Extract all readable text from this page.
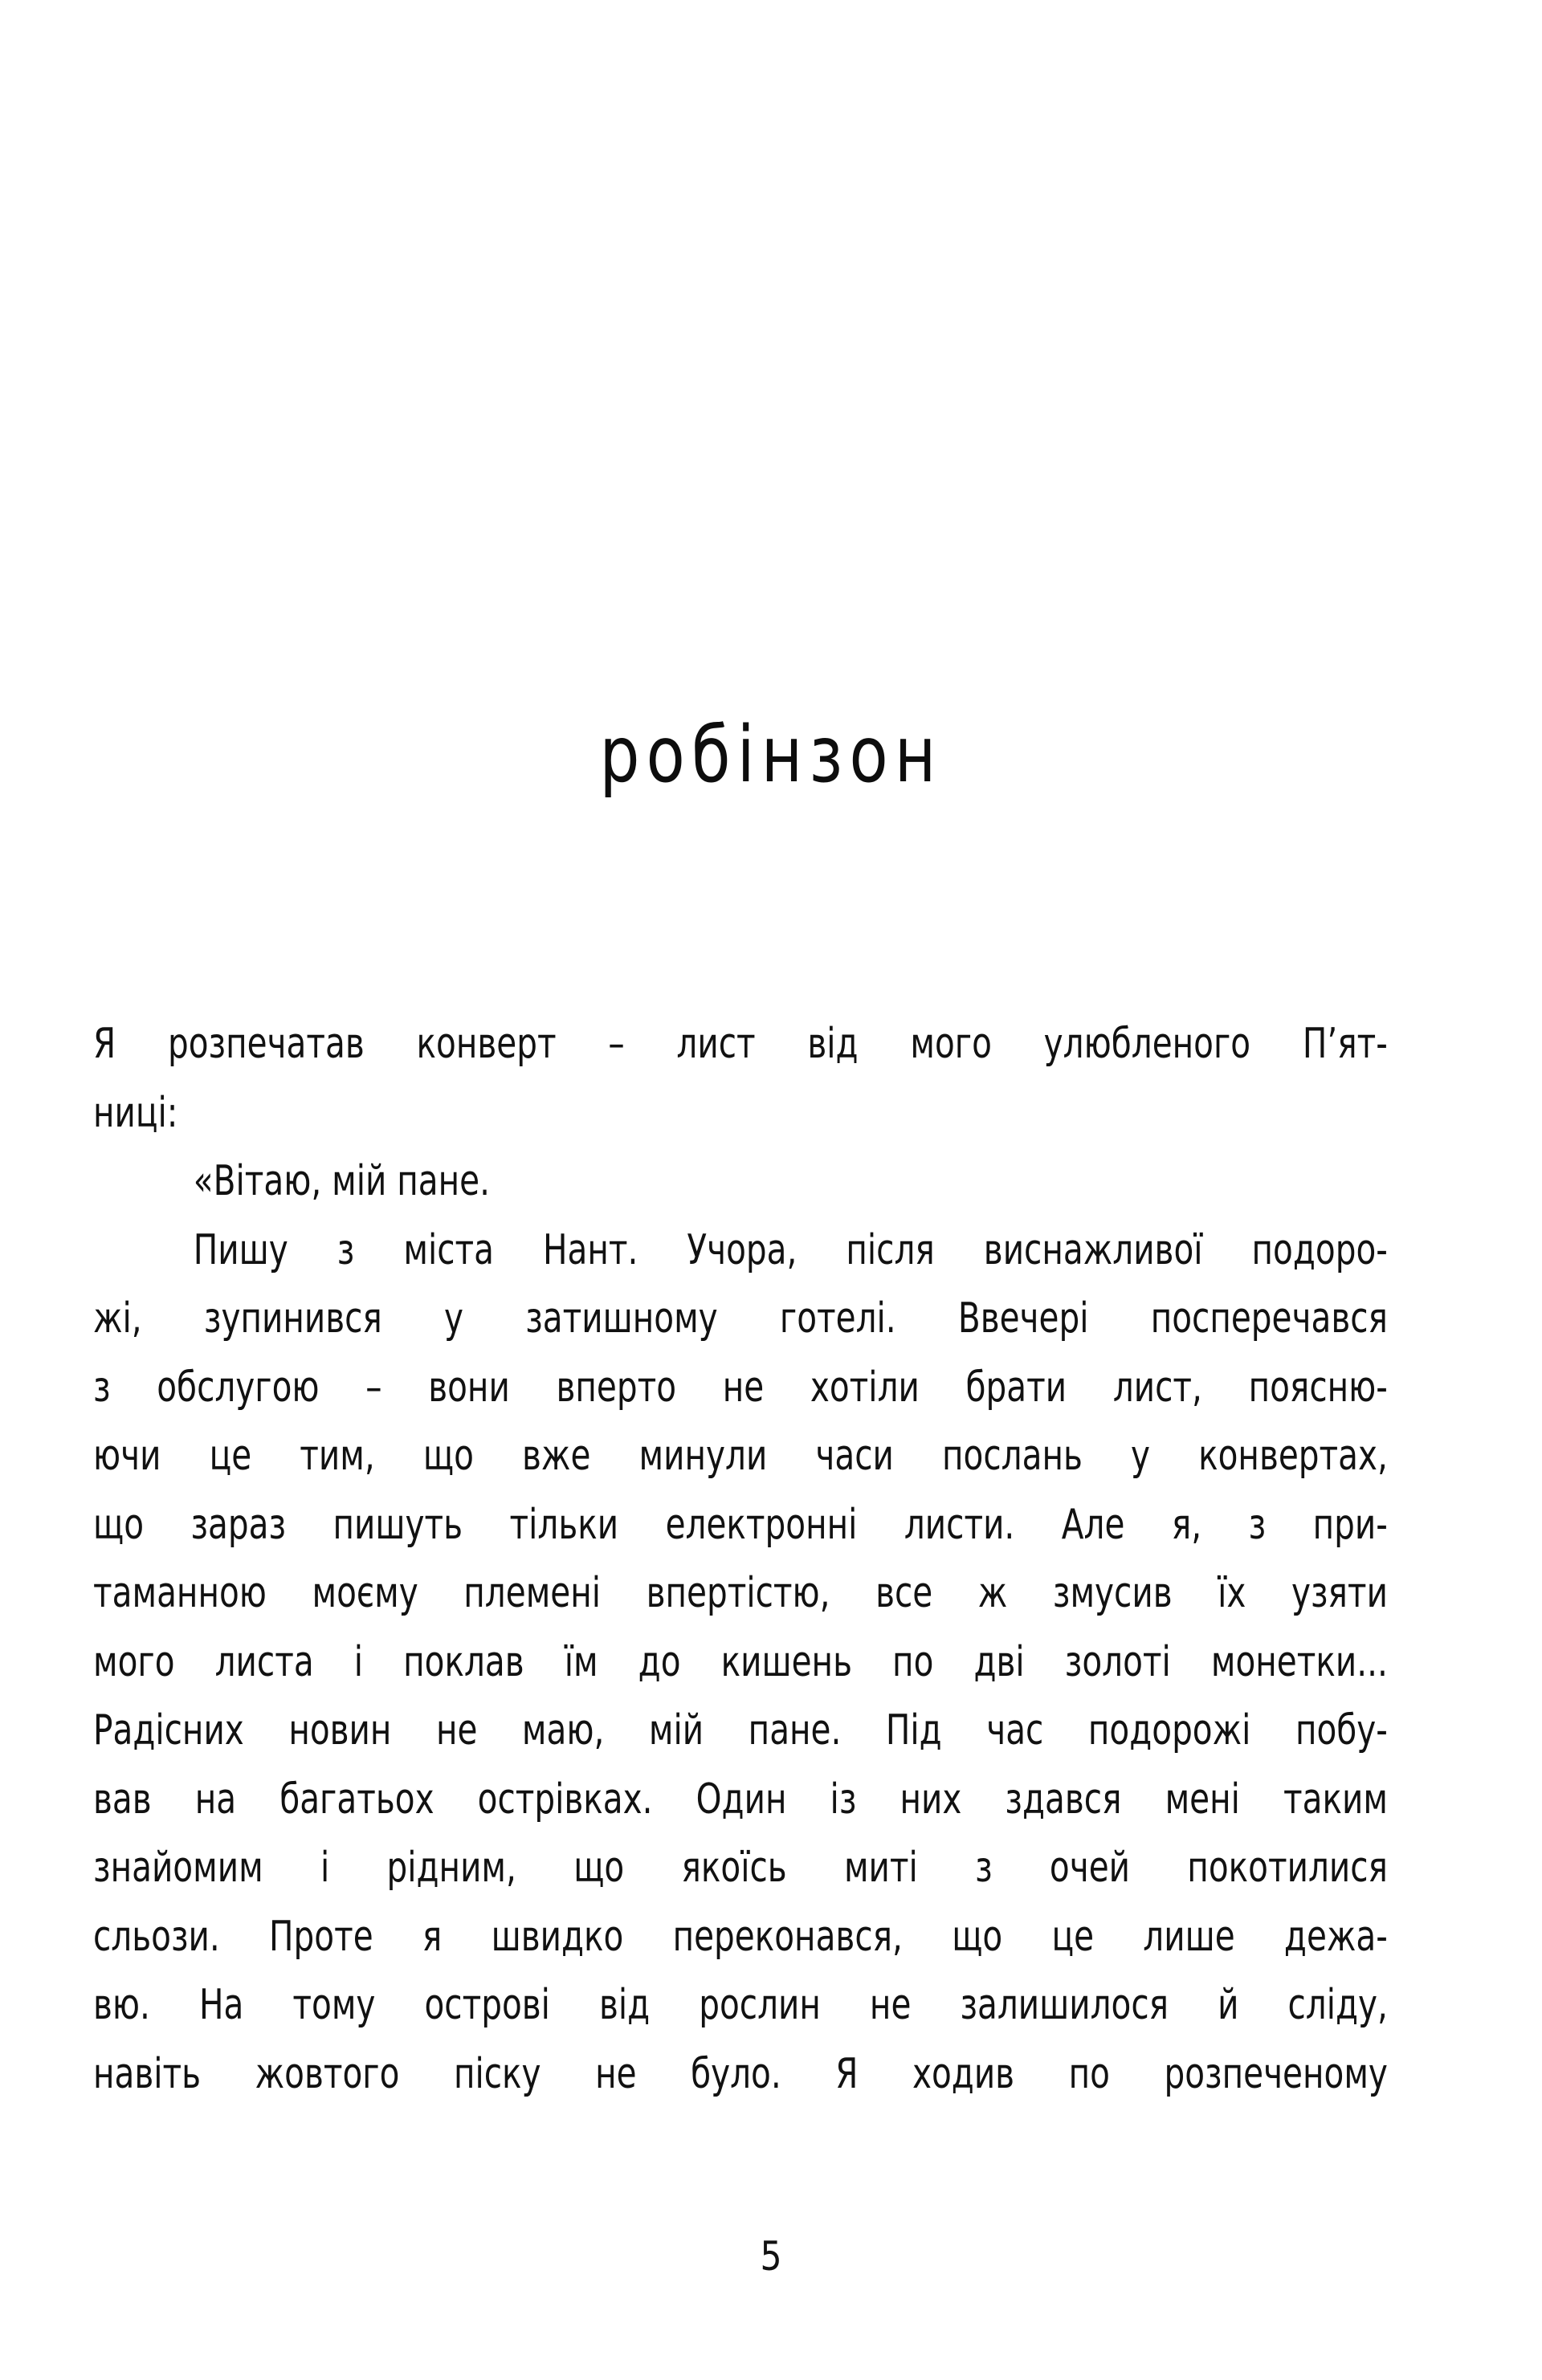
робінзон
Я розпечатав конверт – лист від мого улюбленого П’ят-
ниці:
«Вітаю, мій пане.
Пишу з міста Нант. Учора, після виснажливої подоро-
жі, зупинився у затишному готелі. Ввечері посперечався
з обслугою – вони вперто не хотіли брати лист, поясню-
ючи це тим, що вже минули часи послань у конвертах,
що зараз пишуть тільки електронні листи. Але я, з при-
таманною моєму племені впертістю, все ж змусив їх узяти
мого листа і поклав їм до кишень по дві золоті монетки...
Радісних новин не маю, мій пане. Під час подорожі побу-
вав на багатьох острівках. Один із них здався мені таким
знайомим і рідним, що якоїсь миті з очей покотилися
сльози. Проте я швидко переконався, що це лише дежа-
вю. На тому острові від рослин не залишилося й сліду,
навіть жовтого піску не було. Я ходив по розпеченому
5
